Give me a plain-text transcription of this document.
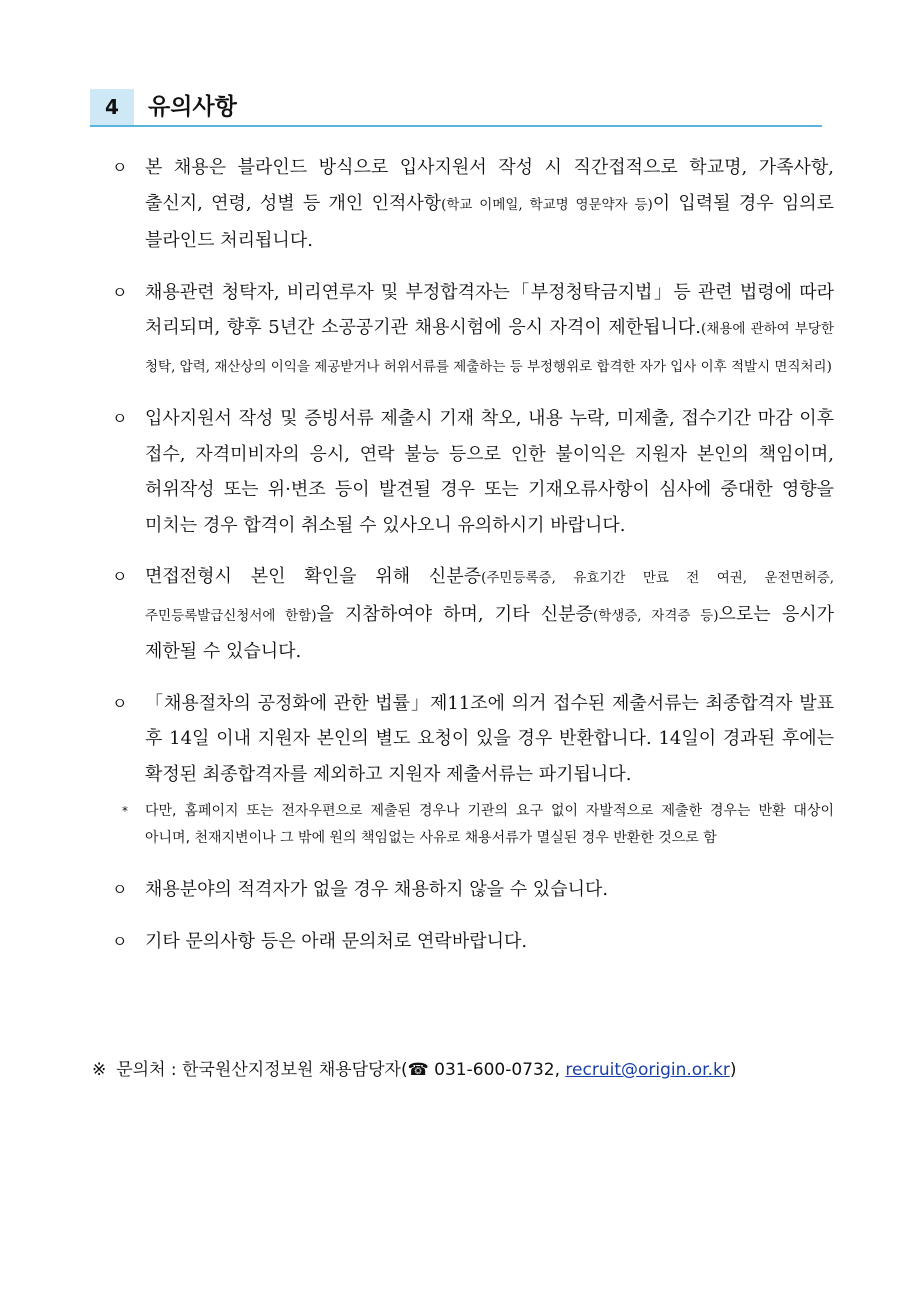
4	유의사항
ㅇ 본 채용은 블라인드 방식으로 입사지원서 작성 시 직간접적으로 학교명, 가족사항, 출신지, 연령, 성별 등 개인 인적사항(학교 이메일, 학교명 영문약자 등)이 입력될 경우 임의로 블라인드 처리됩니다.
ㅇ 채용관련 청탁자, 비리연루자 및 부정합격자는「부정청탁금지법」등 관련 법령에 따라 처리되며, 향후 5년간 소공공기관 채용시험에 응시 자격이 제한됩니다.(채용에 관하여 부당한 청탁, 압력, 재산상의 이익을 제공받거나 허위서류를 제출하는 등 부정행위로 합격한 자가 입사 이후 적발시 면직처리)
ㅇ 입사지원서 작성 및 증빙서류 제출시 기재 착오, 내용 누락, 미제출, 접수기간 마감 이후 접수, 자격미비자의 응시, 연락 불능 등으로 인한 불이익은 지원자 본인의 책임이며, 허위작성 또는 위·변조 등이 발견될 경우 또는 기재오류사항이 심사에 중대한 영향을 미치는 경우 합격이 취소될 수 있사오니 유의하시기 바랍니다.
ㅇ 면접전형시 본인 확인을 위해 신분증(주민등록증, 유효기간 만료 전 여권, 운전면허증, 주민등록발급신청서에 한함)을 지참하여야 하며, 기타 신분증(학생증, 자격증 등)으로는 응시가 제한될 수 있습니다.
ㅇ 「채용절차의 공정화에 관한 법률」제11조에 의거 접수된 제출서류는 최종합격자 발표 후 14일 이내 지원자 본인의 별도 요청이 있을 경우 반환합니다. 14일이 경과된 후에는 확정된 최종합격자를 제외하고 지원자 제출서류는 파기됩니다.
* 다만, 홈페이지 또는 전자우편으로 제출된 경우나 기관의 요구 없이 자발적으로 제출한 경우는 반환 대상이 아니며, 천재지변이나 그 밖에 원의 책임없는 사유로 채용서류가 멸실된 경우 반환한 것으로 함
ㅇ 채용분야의 적격자가 없을 경우 채용하지 않을 수 있습니다.
ㅇ 기타 문의사항 등은 아래 문의처로 연락바랍니다.
※ 문의처 : 한국원산지정보원 채용담당자(☎ 031-600-0732, recruit@origin.or.kr)
